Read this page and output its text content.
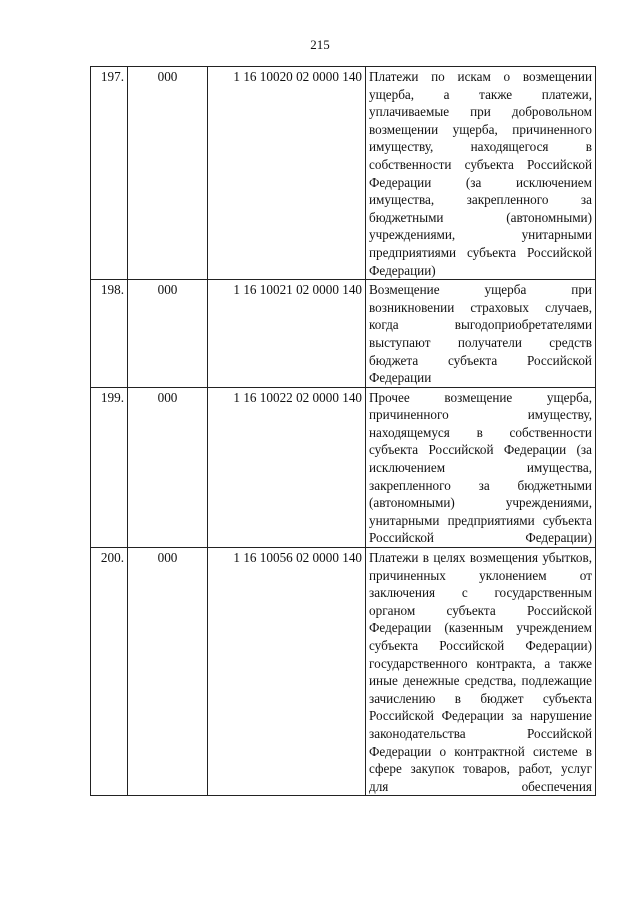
215
197.	000	1 16 10020 02 0000 140	Платежи по искам о возмещении ущерба, а также платежи, уплачиваемые при добровольном возмещении ущерба, причиненного имуществу, находящегося в собственности субъекта Российской Федерации (за исключением имущества, закрепленного за бюджетными (автономными) учреждениями, унитарными предприятиями субъекта Российской Федерации)
198.	000	1 16 10021 02 0000 140	Возмещение ущерба при возникновении страховых случаев, когда выгодоприобретателями выступают получатели средств бюджета субъекта Российской Федерации
199.	000	1 16 10022 02 0000 140	Прочее возмещение ущерба, причиненного имуществу, находящемуся в собственности субъекта Российской Федерации (за исключением имущества, закрепленного за бюджетными (автономными) учреждениями, унитарными предприятиями субъекта Российской Федерации)
200.	000	1 16 10056 02 0000 140	Платежи в целях возмещения убытков, причиненных уклонением от заключения с государственным органом субъекта Российской Федерации (казенным учреждением субъекта Российской Федерации) государственного контракта, а также иные денежные средства, подлежащие зачислению в бюджет субъекта Российской Федерации за нарушение законодательства Российской Федерации о контрактной системе в сфере закупок товаров, работ, услуг для обеспечения
